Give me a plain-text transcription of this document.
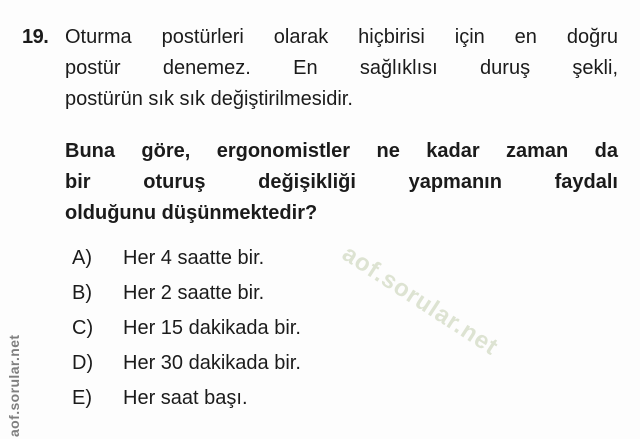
19. Oturma postürleri olarak hiçbirisi için en doğru
postür denemez. En sağlıklısı duruş şekli,
postürün sık sık değiştirilmesidir.
Buna göre, ergonomistler ne kadar zaman da
bir oturuş değişikliği yapmanın faydalı
olduğunu düşünmektedir?
A)	Her 4 saatte bir.
B)	Her 2 saatte bir.
C)	Her 15 dakikada bir.
D)	Her 30 dakikada bir.
E)	Her saat başı.
aof.sorular.net
aof.sorular.net
